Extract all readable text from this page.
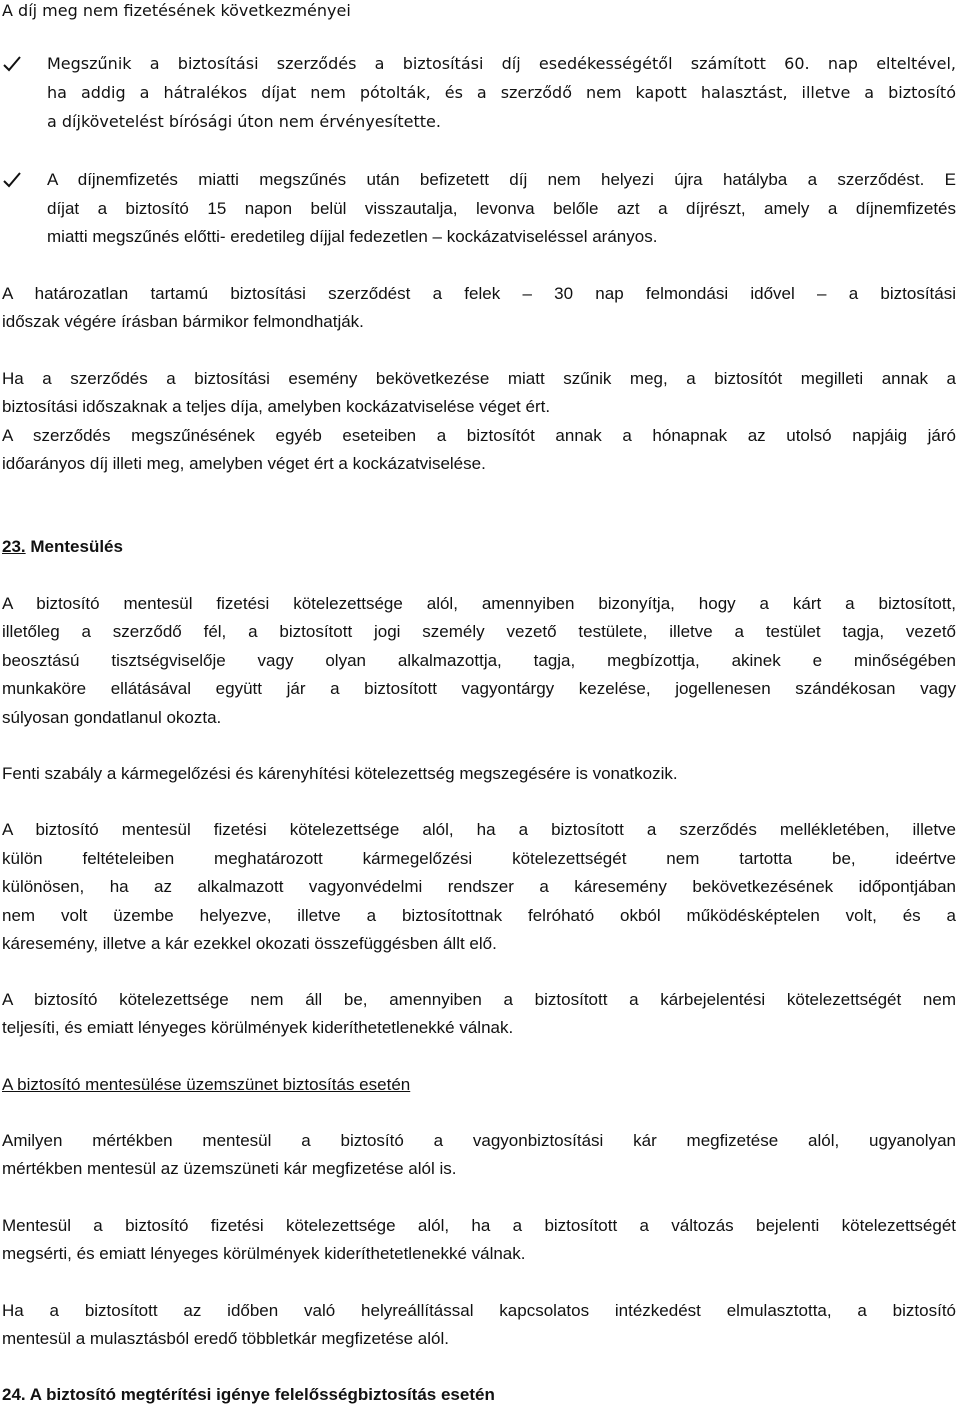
A díj meg nem fizetésének következményei
Megszűnik a biztosítási szerződés a biztosítási díj esedékességétől számított 60. nap elteltével,
ha addig a hátralékos díjat nem pótolták, és a szerződő nem kapott halasztást, illetve a biztosító
a díjkövetelést bírósági úton nem érvényesítette.
A díjnemfizetés miatti megszűnés után befizetett díj nem helyezi újra hatályba a szerződést. E
díjat a biztosító 15 napon belül visszautalja, levonva belőle azt a díjrészt, amely a díjnemfizetés
miatti megszűnés előtti- eredetileg díjjal fedezetlen – kockázatviseléssel arányos.
A határozatlan tartamú biztosítási szerződést a felek – 30 nap felmondási idővel – a biztosítási
időszak végére írásban bármikor felmondhatják.
Ha a szerződés a biztosítási esemény bekövetkezése miatt szűnik meg, a biztosítót megilleti annak a
biztosítási időszaknak a teljes díja, amelyben kockázatviselése véget ért.
A szerződés megszűnésének egyéb eseteiben a biztosítót annak a hónapnak az utolsó napjáig járó
időarányos díj illeti meg, amelyben véget ért a kockázatviselése.
23. Mentesülés
A biztosító mentesül fizetési kötelezettsége alól, amennyiben bizonyítja, hogy a kárt a biztosított,
illetőleg a szerződő fél, a biztosított jogi személy vezető testülete, illetve a testület tagja, vezető
beosztású tisztségviselője vagy olyan alkalmazottja, tagja, megbízottja, akinek e minőségében
munkaköre ellátásával együtt jár a biztosított vagyontárgy kezelése, jogellenesen szándékosan vagy
súlyosan gondatlanul okozta.
Fenti szabály a kármegelőzési és kárenyhítési kötelezettség megszegésére is vonatkozik.
A biztosító mentesül fizetési kötelezettsége alól, ha a biztosított a szerződés mellékletében, illetve
külön feltételeiben meghatározott kármegelőzési kötelezettségét nem tartotta be, ideértve
különösen, ha az alkalmazott vagyonvédelmi rendszer a káresemény bekövetkezésének időpontjában
nem volt üzembe helyezve, illetve a biztosítottnak felróható okból működésképtelen volt, és a
káresemény, illetve a kár ezekkel okozati összefüggésben állt elő.
A biztosító kötelezettsége nem áll be, amennyiben a biztosított a kárbejelentési kötelezettségét nem
teljesíti, és emiatt lényeges körülmények kideríthetetlenekké válnak.
A biztosító mentesülése üzemszünet biztosítás esetén
Amilyen mértékben mentesül a biztosító a vagyonbiztosítási kár megfizetése alól, ugyanolyan
mértékben mentesül az üzemszüneti kár megfizetése alól is.
Mentesül a biztosító fizetési kötelezettsége alól, ha a biztosított a változás bejelenti kötelezettségét
megsérti, és emiatt lényeges körülmények kideríthetetlenekké válnak.
Ha a biztosított az időben való helyreállítással kapcsolatos intézkedést elmulasztotta, a biztosító
mentesül a mulasztásból eredő többletkár megfizetése alól.
24. A biztosító megtérítési igénye felelősségbiztosítás esetén
